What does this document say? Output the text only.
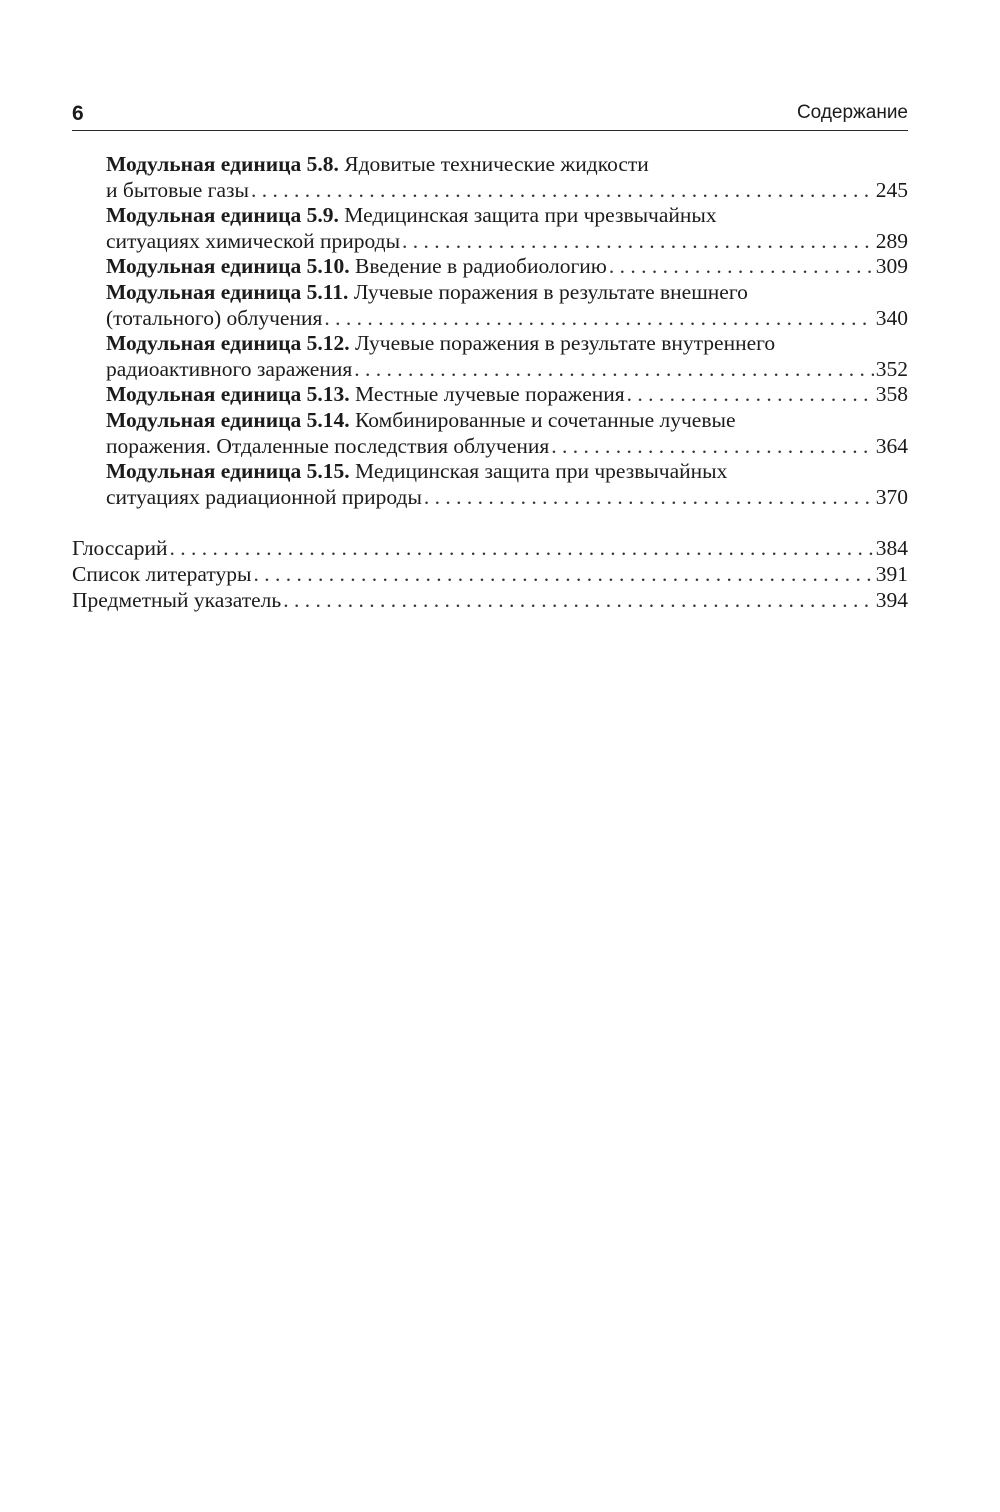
6	Содержание
Модульная единица 5.8. Ядовитые технические жидкости
и бытовые газы . . .	245
Модульная единица 5.9. Медицинская защита при чрезвычайных
ситуациях химической природы . . .	289
Модульная единица 5.10. Введение в радиобиологию . . .	309
Модульная единица 5.11. Лучевые поражения в результате внешнего
(тотального) облучения . . .	340
Модульная единица 5.12. Лучевые поражения в результате внутреннего
радиоактивного заражения . . .	352
Модульная единица 5.13. Местные лучевые поражения . . .	358
Модульная единица 5.14. Комбинированные и сочетанные лучевые
поражения. Отдаленные последствия облучения . . .	364
Модульная единица 5.15. Медицинская защита при чрезвычайных
ситуациях радиационной природы . . .	370
Глоссарий . . .	384
Список литературы . . .	391
Предметный указатель . . .	394
